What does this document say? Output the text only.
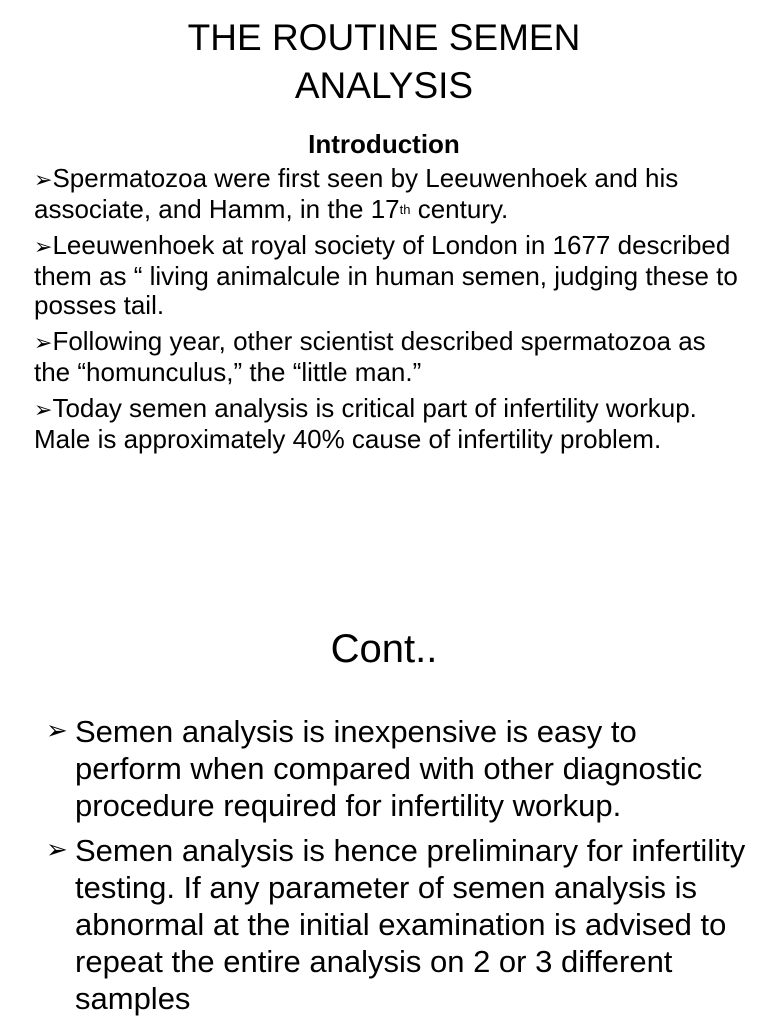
THE ROUTINE SEMEN
ANALYSIS
Introduction
➢Spermatozoa were first seen by Leeuwenhoek and his associate, and Hamm, in the 17th century.
➢Leeuwenhoek at royal society of London in 1677 described them as “ living animalcule in human semen, judging these to posses tail.
➢Following year, other scientist described spermatozoa as the “homunculus,” the “little man.”
➢Today semen analysis is critical part of infertility workup. Male is approximately 40% cause of infertility problem.
Cont..
➢ Semen analysis is inexpensive is easy to perform when compared with other diagnostic procedure required for infertility workup.
➢ Semen analysis is hence preliminary for infertility testing. If any parameter of semen analysis is abnormal at the initial examination is advised to repeat the entire analysis on 2 or 3 different samples
